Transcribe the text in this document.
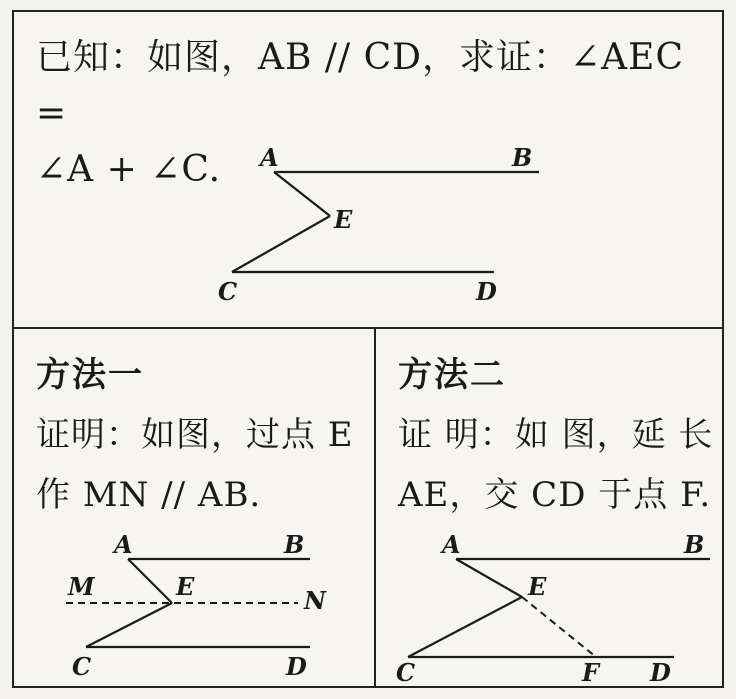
已知：如图，AB // CD，求证：∠AEC =
∠A + ∠C.	A	B
E
C	D
方法一
证明：如图，过点 E
作 MN // AB.
A	B
M	E	N
C	D
方法二
证 明：如 图，延 长
AE，交 CD 于点 F.
A	B
E
C	F D
